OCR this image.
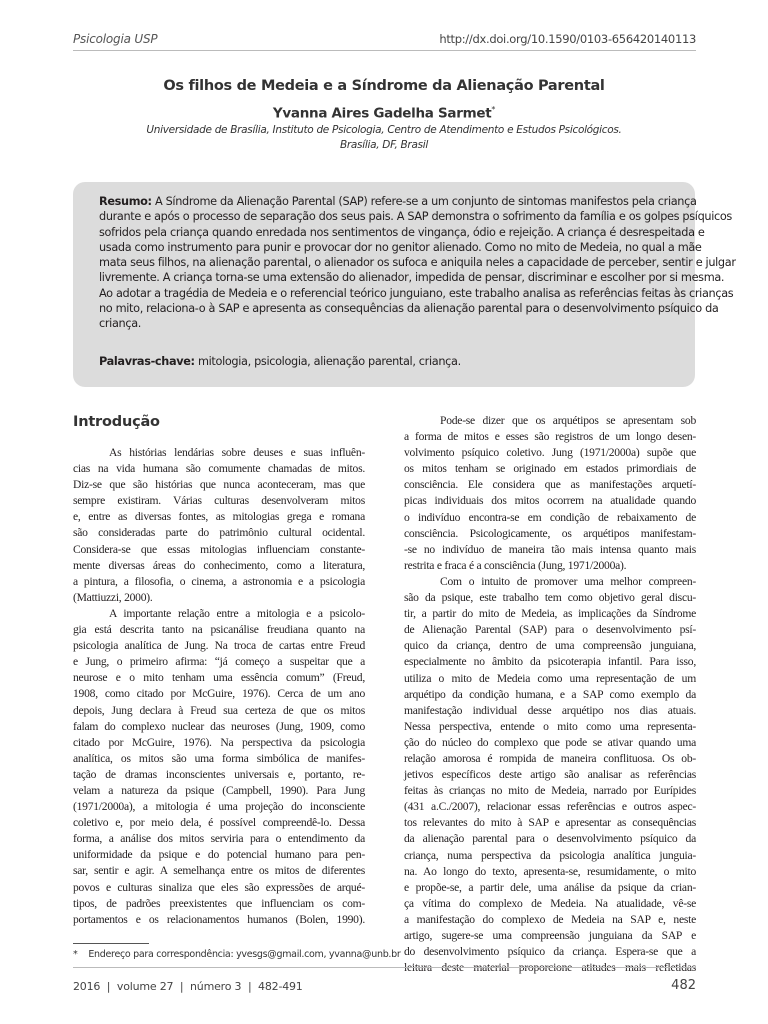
Psicologia USP	http://dx.doi.org/10.1590/0103-656420140113
Os filhos de Medeia e a Síndrome da Alienação Parental
Yvanna Aires Gadelha Sarmet*
Universidade de Brasília, Instituto de Psicologia, Centro de Atendimento e Estudos Psicológicos.
Brasília, DF, Brasil
Resumo: A Síndrome da Alienação Parental (SAP) refere-se a um conjunto de sintomas manifestos pela criança
durante e após o processo de separação dos seus pais. A SAP demonstra o sofrimento da família e os golpes psíquicos
sofridos pela criança quando enredada nos sentimentos de vingança, ódio e rejeição. A criança é desrespeitada e
usada como instrumento para punir e provocar dor no genitor alienado. Como no mito de Medeia, no qual a mãe
mata seus filhos, na alienação parental, o alienador os sufoca e aniquila neles a capacidade de perceber, sentir e julgar
livremente. A criança torna-se uma extensão do alienador, impedida de pensar, discriminar e escolher por si mesma.
Ao adotar a tragédia de Medeia e o referencial teórico junguiano, este trabalho analisa as referências feitas às crianças
no mito, relaciona-o à SAP e apresenta as consequências da alienação parental para o desenvolvimento psíquico da
criança.
Palavras-chave: mitologia, psicologia, alienação parental, criança.
Introdução
As histórias lendárias sobre deuses e suas influên-
cias na vida humana são comumente chamadas de mitos.
Diz-se que são histórias que nunca aconteceram, mas que
sempre existiram. Várias culturas desenvolveram mitos
e, entre as diversas fontes, as mitologias grega e romana
são consideradas parte do patrimônio cultural ocidental.
Considera-se que essas mitologias influenciam constante-
mente diversas áreas do conhecimento, como a literatura,
a pintura, a filosofia, o cinema, a astronomia e a psicologia
(Mattiuzzi, 2000).
A importante relação entre a mitologia e a psicolo-
gia está descrita tanto na psicanálise freudiana quanto na
psicologia analítica de Jung. Na troca de cartas entre Freud
e Jung, o primeiro afirma: “já começo a suspeitar que a
neurose e o mito tenham uma essência comum” (Freud,
1908, como citado por McGuire, 1976). Cerca de um ano
depois, Jung declara à Freud sua certeza de que os mitos
falam do complexo nuclear das neuroses (Jung, 1909, como
citado por McGuire, 1976). Na perspectiva da psicologia
analítica, os mitos são uma forma simbólica de manifes-
tação de dramas inconscientes universais e, portanto, re-
velam a natureza da psique (Campbell, 1990). Para Jung
(1971/2000a), a mitologia é uma projeção do inconsciente
coletivo e, por meio dela, é possível compreendê-lo. Dessa
forma, a análise dos mitos serviria para o entendimento da
uniformidade da psique e do potencial humano para pen-
sar, sentir e agir. A semelhança entre os mitos de diferentes
povos e culturas sinaliza que eles são expressões de arqué-
tipos, de padrões preexistentes que influenciam os com-
portamentos e os relacionamentos humanos (Bolen, 1990).
Pode-se dizer que os arquétipos se apresentam sob
a forma de mitos e esses são registros de um longo desen-
volvimento psíquico coletivo. Jung (1971/2000a) supõe que
os mitos tenham se originado em estados primordiais de
consciência. Ele considera que as manifestações arquetí-
picas individuais dos mitos ocorrem na atualidade quando
o indivíduo encontra-se em condição de rebaixamento de
consciência. Psicologicamente, os arquétipos manifestam-
-se no indivíduo de maneira tão mais intensa quanto mais
restrita e fraca é a consciência (Jung, 1971/2000a).
Com o intuito de promover uma melhor compreen-
são da psique, este trabalho tem como objetivo geral discu-
tir, a partir do mito de Medeia, as implicações da Síndrome
de Alienação Parental (SAP) para o desenvolvimento psí-
quico da criança, dentro de uma compreensão junguiana,
especialmente no âmbito da psicoterapia infantil. Para isso,
utiliza o mito de Medeia como uma representação de um
arquétipo da condição humana, e a SAP como exemplo da
manifestação individual desse arquétipo nos dias atuais.
Nessa perspectiva, entende o mito como uma representa-
ção do núcleo do complexo que pode se ativar quando uma
relação amorosa é rompida de maneira conflituosa. Os ob-
jetivos específicos deste artigo são analisar as referências
feitas às crianças no mito de Medeia, narrado por Eurípides
(431 a.C./2007), relacionar essas referências e outros aspec-
tos relevantes do mito à SAP e apresentar as consequências
da alienação parental para o desenvolvimento psíquico da
criança, numa perspectiva da psicologia analítica junguia-
na. Ao longo do texto, apresenta-se, resumidamente, o mito
e propõe-se, a partir dele, uma análise da psique da crian-
ça vítima do complexo de Medeia. Na atualidade, vê-se
a manifestação do complexo de Medeia na SAP e, neste
artigo, sugere-se uma compreensão junguiana da SAP e
do desenvolvimento psíquico da criança. Espera-se que a
leitura deste material proporcione atitudes mais refletidas
* Endereço para correspondência: yvesgs@gmail.com, yvanna@unb.br
2016  |  volume 27  |  número 3  |  482-491	482
